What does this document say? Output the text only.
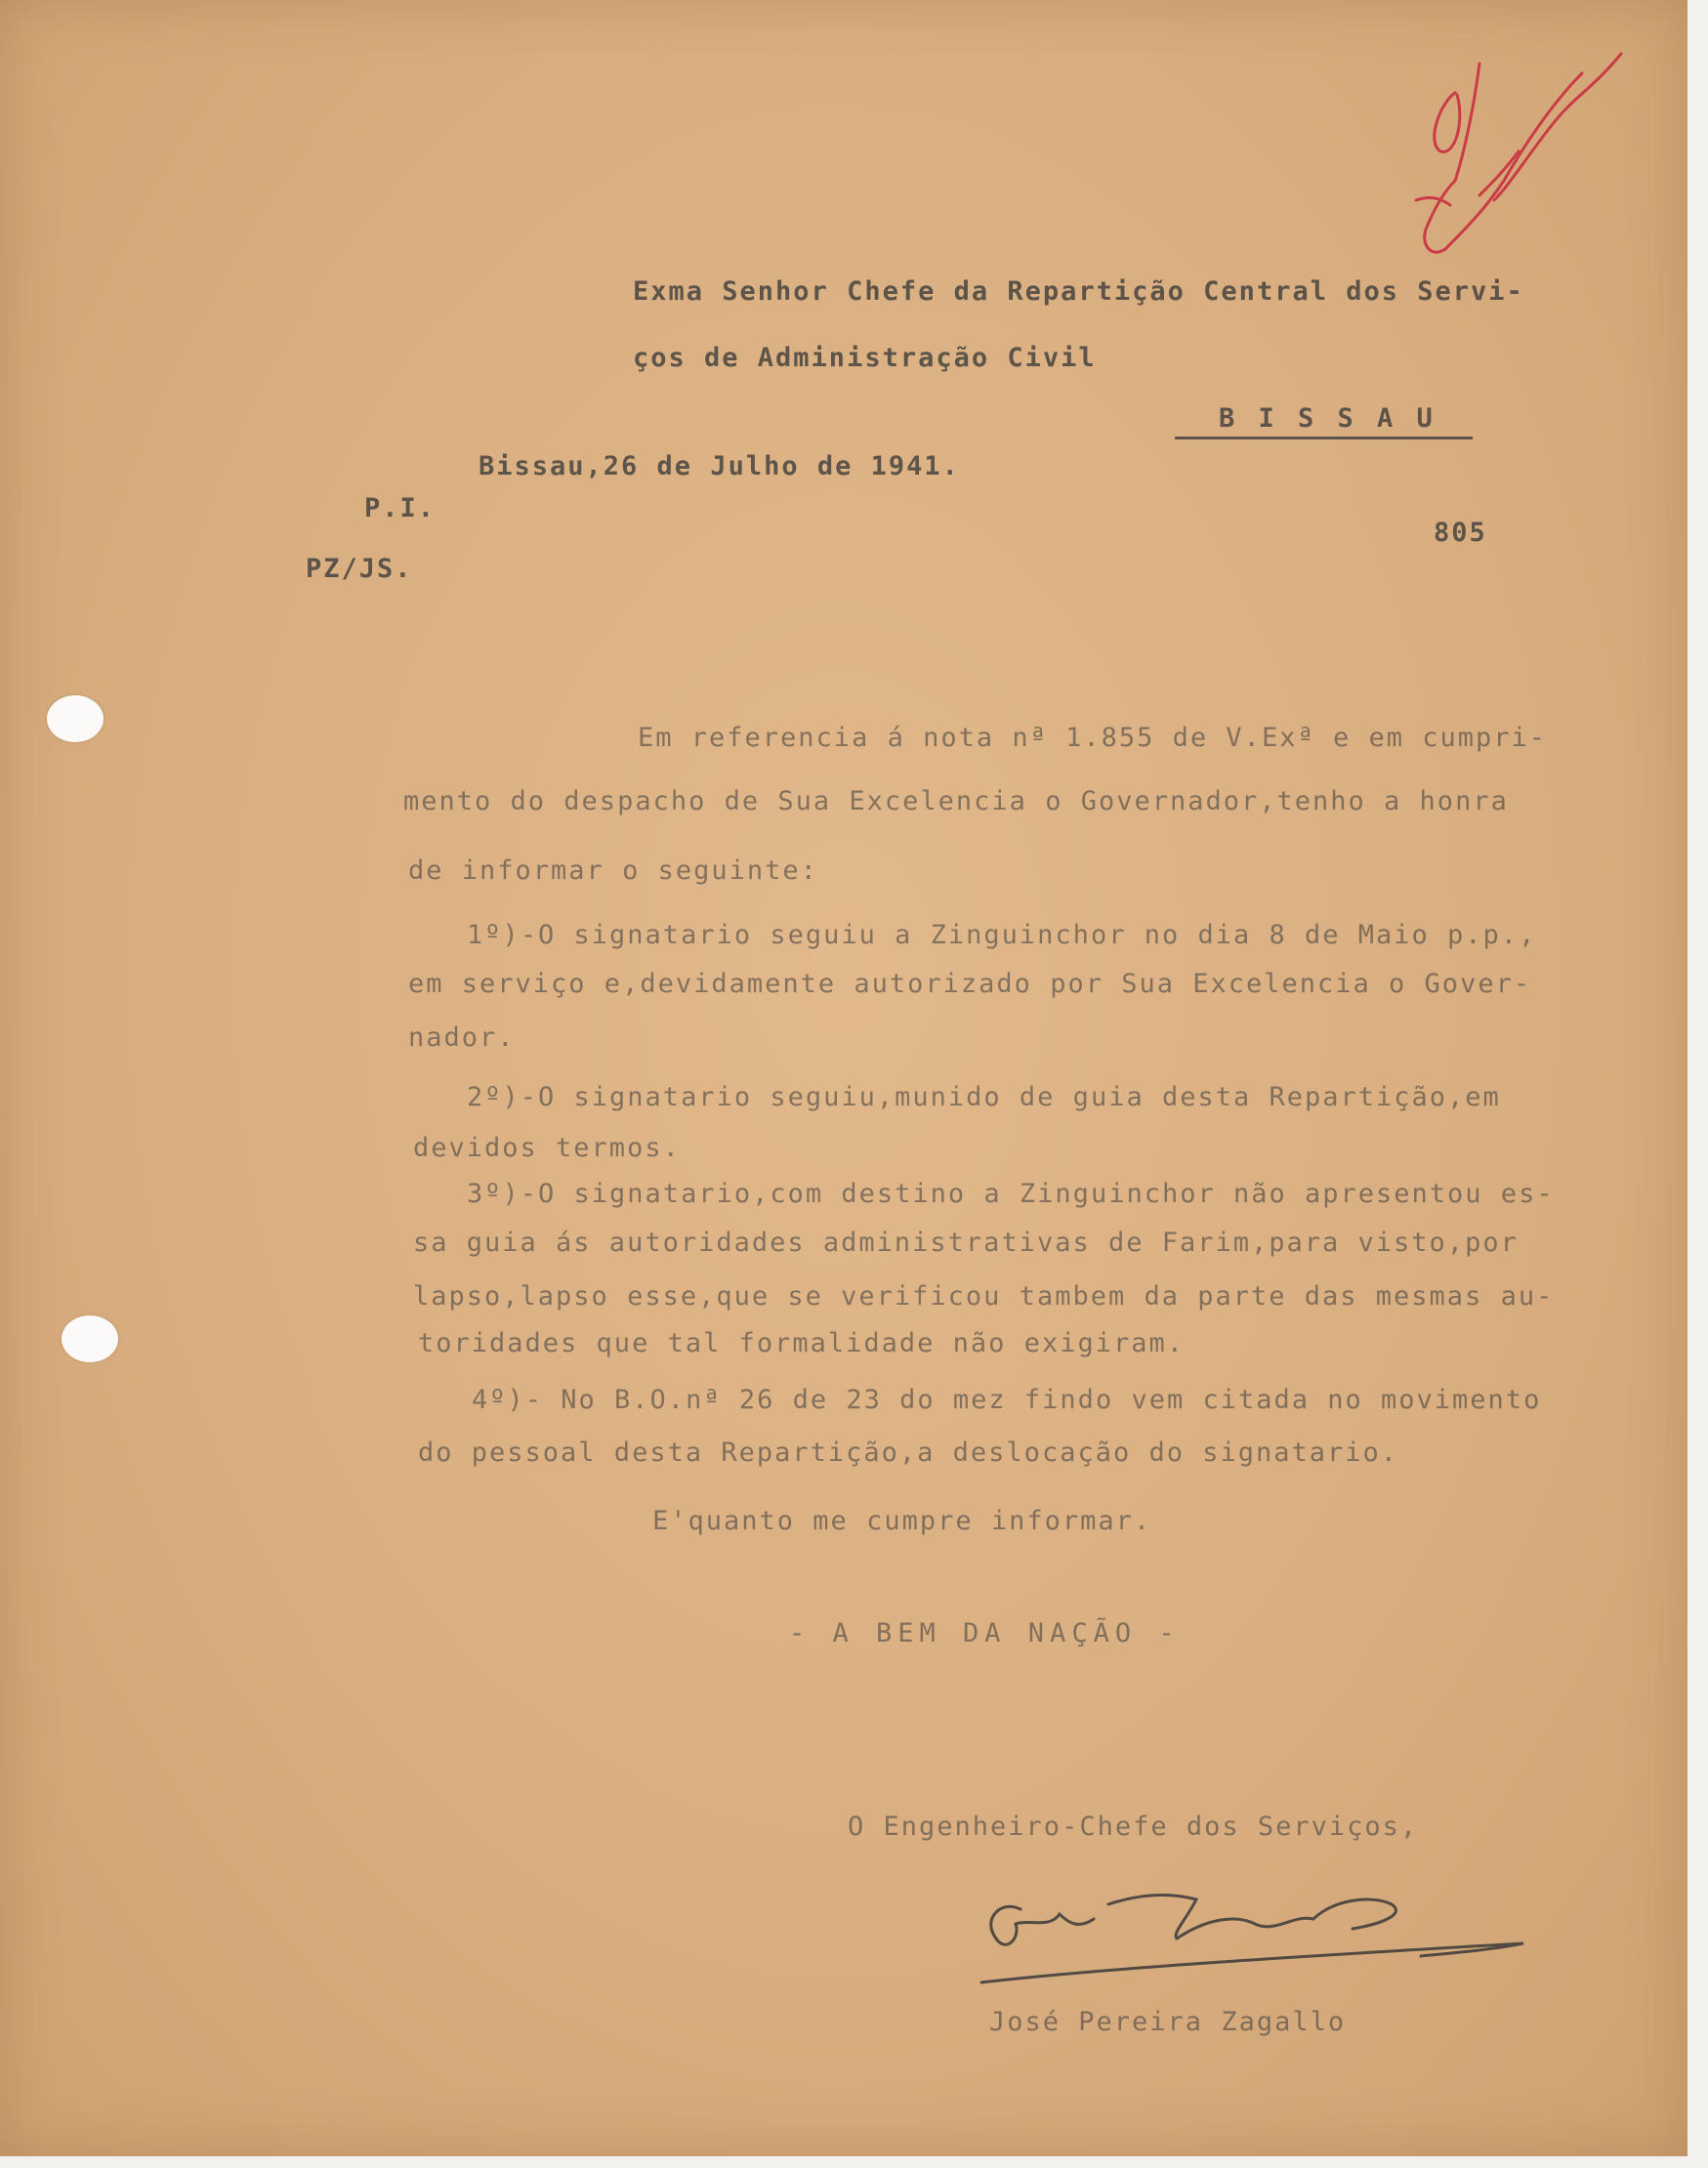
Exma Senhor Chefe da Repartição Central dos Servi-

ços de Administração Civil

B I S S A U

Bissau,26 de Julho de 1941.

P.I.

805

PZ/JS.

Em referencia á nota nª 1.855 de V.Exª e em cumpri-

mento do despacho de Sua Excelencia o Governador,tenho a honra

de informar o seguinte:

1º)-O signatario seguiu a Zinguinchor no dia 8 de Maio p.p.,

em serviço e,devidamente autorizado por Sua Excelencia o Gover-

nador.

2º)-O signatario seguiu,munido de guia desta Repartição,em

devidos termos.

3º)-O signatario,com destino a Zinguinchor não apresentou es-

sa guia ás autoridades administrativas de Farim,para visto,por

lapso,lapso esse,que se verificou tambem da parte das mesmas au-

toridades que tal formalidade não exigiram.

4º)- No B.O.nª 26 de 23 do mez findo vem citada no movimento

do pessoal desta Repartição,a deslocação do signatario.

E'quanto me cumpre informar.

- A BEM DA NAÇÃO -

O Engenheiro-Chefe dos Serviços,

José Pereira Zagallo
